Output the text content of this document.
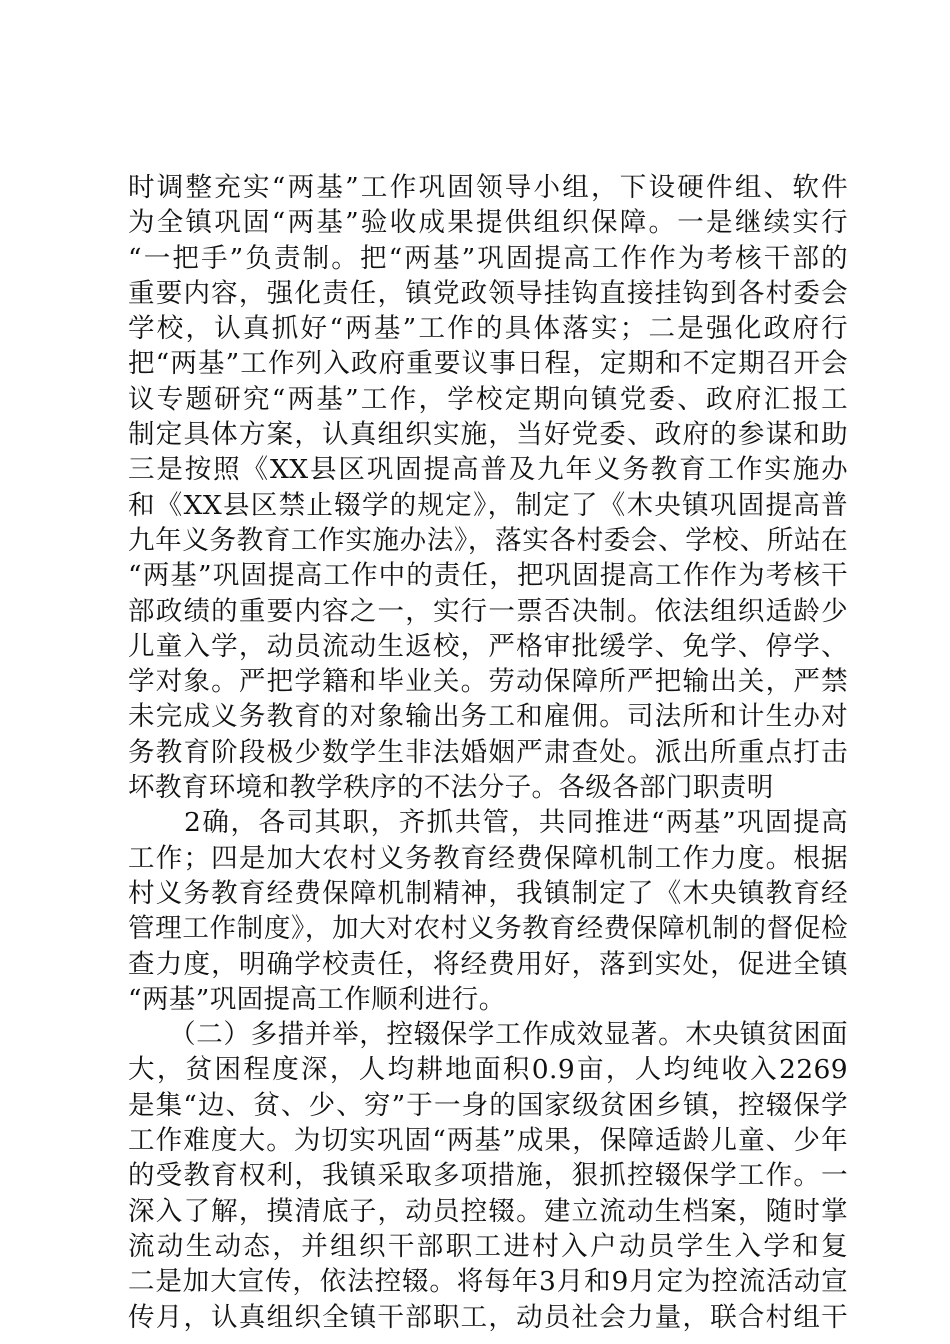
时调整充实“两基”工作巩固领导小组，下设硬件组、软件
为全镇巩固“两基”验收成果提供组织保障。一是继续实行
“一把手”负责制。把“两基”巩固提高工作作为考核干部的
重要内容，强化责任，镇党政领导挂钩直接挂钩到各村委会
学校，认真抓好“两基”工作的具体落实；二是强化政府行
把“两基”工作列入政府重要议事日程，定期和不定期召开会
议专题研究“两基”工作，学校定期向镇党委、政府汇报工
制定具体方案，认真组织实施，当好党委、政府的参谋和助
三是按照《XX县区巩固提高普及九年义务教育工作实施办
和《XX县区禁止辍学的规定》，制定了《木央镇巩固提高普
九年义务教育工作实施办法》，落实各村委会、学校、所站在
“两基”巩固提高工作中的责任，把巩固提高工作作为考核干
部政绩的重要内容之一，实行一票否决制。依法组织适龄少
儿童入学，动员流动生返校，严格审批缓学、免学、停学、
学对象。严把学籍和毕业关。劳动保障所严把输出关，严禁
未完成义务教育的对象输出务工和雇佣。司法所和计生办对
务教育阶段极少数学生非法婚姻严肃查处。派出所重点打击
坏教育环境和教学秩序的不法分子。各级各部门职责明
　　2确，各司其职，齐抓共管，共同推进“两基”巩固提高
工作；四是加大农村义务教育经费保障机制工作力度。根据
村义务教育经费保障机制精神，我镇制定了《木央镇教育经
管理工作制度》，加大对农村义务教育经费保障机制的督促检
查力度，明确学校责任，将经费用好，落到实处，促进全镇
“两基”巩固提高工作顺利进行。
　　（二）多措并举，控辍保学工作成效显著。木央镇贫困面
大，贫困程度深，人均耕地面积0.9亩，人均纯收入2269
是集“边、贫、少、穷”于一身的国家级贫困乡镇，控辍保学
工作难度大。为切实巩固“两基”成果，保障适龄儿童、少年
的受教育权利，我镇采取多项措施，狠抓控辍保学工作。一
深入了解，摸清底子，动员控辍。建立流动生档案，随时掌
流动生动态，并组织干部职工进村入户动员学生入学和复
二是加大宣传，依法控辍。将每年3月和9月定为控流活动宣
传月，认真组织全镇干部职工，动员社会力量，联合村组干
